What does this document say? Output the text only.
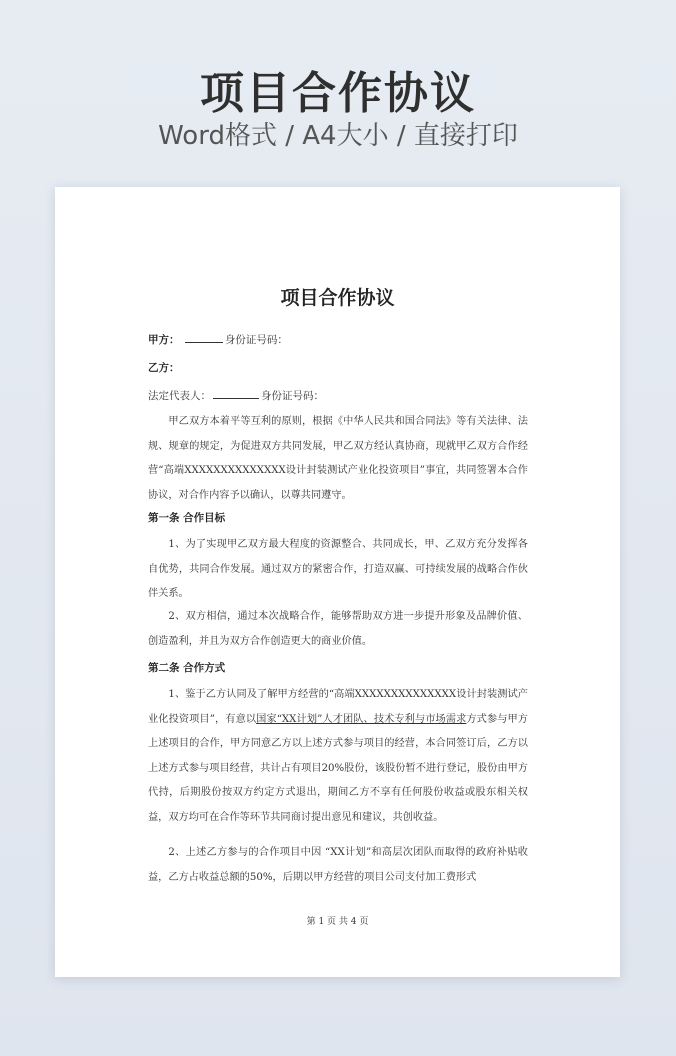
项目合作协议
Word格式 / A4大小 / 直接打印
项目合作协议
甲方：	身份证号码：
乙方：
法定代表人：	身份证号码：
甲乙双方本着平等互利的原则，根据《中华人民共和国合同法》等有关法律、法规、规章的规定，为促进双方共同发展，甲乙双方经认真协商，现就甲乙双方合作经营“高端XXXXXXXXXXXXXX设计封装测试产业化投资项目”事宜，共同签署本合作协议，对合作内容予以确认，以尊共同遵守。
第一条 合作目标
1、为了实现甲乙双方最大程度的资源整合、共同成长，甲、乙双方充分发挥各自优势，共同合作发展。通过双方的紧密合作，打造双赢、可持续发展的战略合作伙伴关系。
2、双方相信，通过本次战略合作，能够帮助双方进一步提升形象及品牌价值、创造盈利，并且为双方合作创造更大的商业价值。
第二条 合作方式
1、鉴于乙方认同及了解甲方经营的“高端XXXXXXXXXXXXXX设计封装测试产业化投资项目”，有意以国家“XX计划”人才团队、技术专利与市场需求方式参与甲方上述项目的合作，甲方同意乙方以上述方式参与项目的经营，本合同签订后，乙方以上述方式参与项目经营，共计占有项目20%股份，该股份暂不进行登记，股份由甲方代持，后期股份按双方约定方式退出，期间乙方不享有任何股份收益或股东相关权益，双方均可在合作等环节共同商讨提出意见和建议，共创收益。
2、上述乙方参与的合作项目中因 “XX计划”和高层次团队而取得的政府补贴收益，乙方占收益总额的50%，后期以甲方经营的项目公司支付加工费形式
第 1 页 共 4 页
